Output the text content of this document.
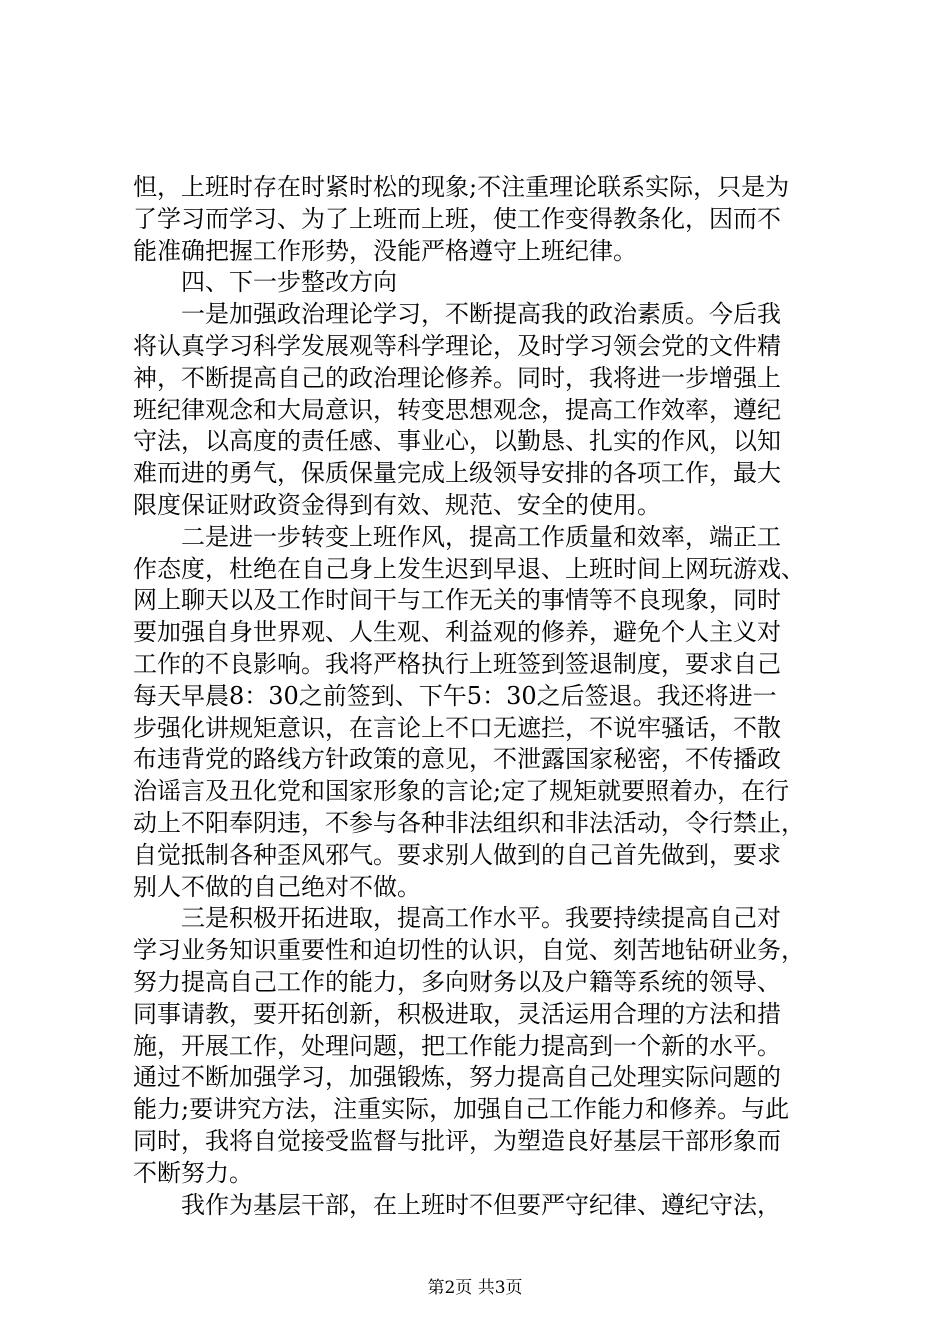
怛，上班时存在时紧时松的现象;不注重理论联系实际，只是为
了学习而学习、为了上班而上班，使工作变得教条化，因而不
能准确把握工作形势，没能严格遵守上班纪律。
四、下一步整改方向
一是加强政治理论学习，不断提高我的政治素质。今后我
将认真学习科学发展观等科学理论，及时学习领会党的文件精
神，不断提高自己的政治理论修养。同时，我将进一步增强上
班纪律观念和大局意识，转变思想观念，提高工作效率，遵纪
守法，以高度的责任感、事业心，以勤恳、扎实的作风，以知
难而进的勇气，保质保量完成上级领导安排的各项工作，最大
限度保证财政资金得到有效、规范、安全的使用。
二是进一步转变上班作风，提高工作质量和效率，端正工
作态度，杜绝在自己身上发生迟到早退、上班时间上网玩游戏、
网上聊天以及工作时间干与工作无关的事情等不良现象，同时
要加强自身世界观、人生观、利益观的修养，避免个人主义对
工作的不良影响。我将严格执行上班签到签退制度，要求自己
每天早晨8：30之前签到、下午5：30之后签退。我还将进一
步强化讲规矩意识，在言论上不口无遮拦，不说牢骚话，不散
布违背党的路线方针政策的意见，不泄露国家秘密，不传播政
治谣言及丑化党和国家形象的言论;定了规矩就要照着办，在行
动上不阳奉阴违，不参与各种非法组织和非法活动，令行禁止，
自觉抵制各种歪风邪气。要求别人做到的自己首先做到，要求
别人不做的自己绝对不做。
三是积极开拓进取，提高工作水平。我要持续提高自己对
学习业务知识重要性和迫切性的认识，自觉、刻苦地钻研业务，
努力提高自己工作的能力，多向财务以及户籍等系统的领导、
同事请教，要开拓创新，积极进取，灵活运用合理的方法和措
施，开展工作，处理问题，把工作能力提高到一个新的水平。
通过不断加强学习，加强锻炼，努力提高自己处理实际问题的
能力;要讲究方法，注重实际，加强自己工作能力和修养。与此
同时，我将自觉接受监督与批评，为塑造良好基层干部形象而
不断努力。
我作为基层干部，在上班时不但要严守纪律、遵纪守法，
第2页 共3页
